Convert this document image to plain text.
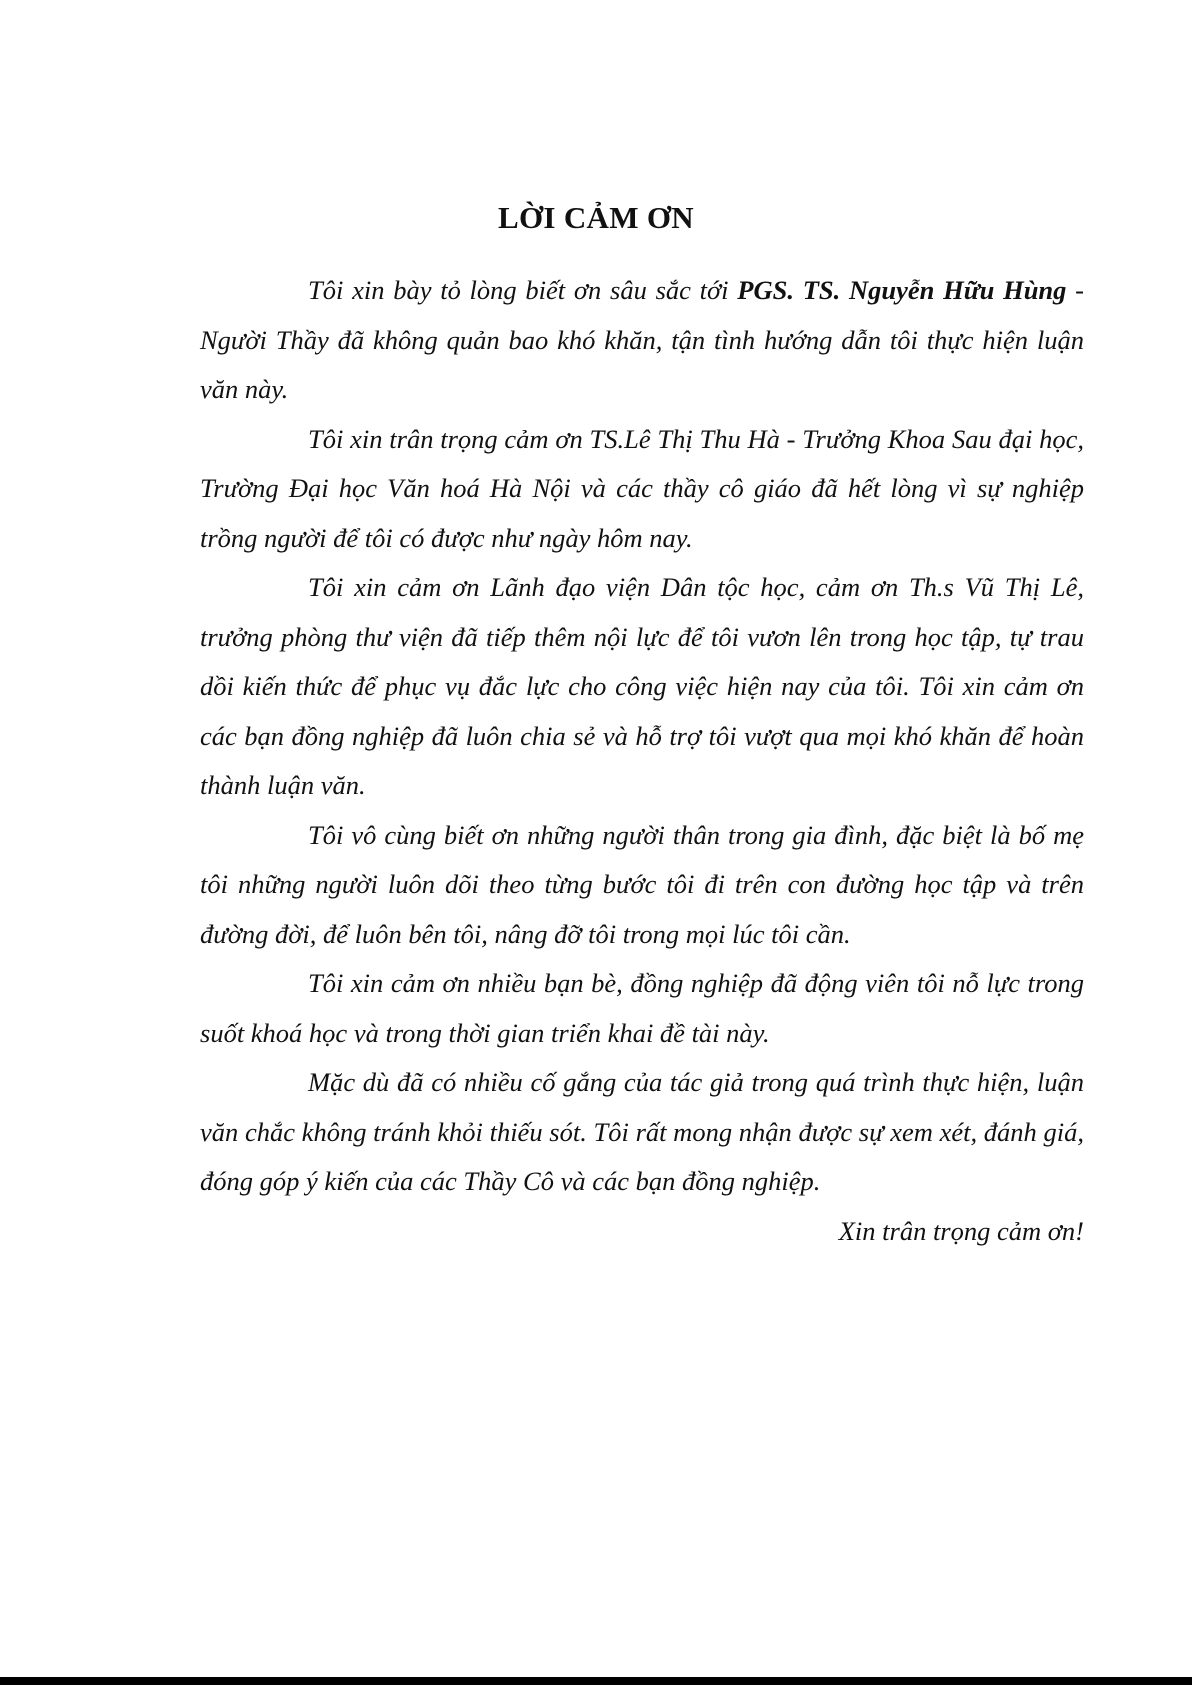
LỜI CẢM ƠN

Tôi xin bày tỏ lòng biết ơn sâu sắc tới PGS. TS. Nguyễn Hữu Hùng - Người Thầy đã không quản bao khó khăn, tận tình hướng dẫn tôi thực hiện luận văn này.

Tôi xin trân trọng cảm ơn TS.Lê Thị Thu Hà - Trưởng Khoa Sau đại học, Trường Đại học Văn hoá Hà Nội và các thầy cô giáo đã hết lòng vì sự nghiệp trồng người để tôi có được như ngày hôm nay.

Tôi xin cảm ơn Lãnh đạo viện Dân tộc học, cảm ơn Th.s Vũ Thị Lê, trưởng phòng thư viện đã tiếp thêm nội lực để tôi vươn lên trong học tập, tự trau dồi kiến thức để phục vụ đắc lực cho công việc hiện nay của tôi. Tôi xin cảm ơn các bạn đồng nghiệp đã luôn chia sẻ và hỗ trợ tôi vượt qua mọi khó khăn để hoàn thành luận văn.

Tôi vô cùng biết ơn những người thân trong gia đình, đặc biệt là bố mẹ tôi những người luôn dõi theo từng bước tôi đi trên con đường học tập và trên đường đời, để luôn bên tôi, nâng đỡ tôi trong mọi lúc tôi cần.

Tôi xin cảm ơn nhiều bạn bè, đồng nghiệp đã động viên tôi nỗ lực trong suốt khoá học và trong thời gian triển khai đề tài này.

Mặc dù đã có nhiều cố gắng của tác giả trong quá trình thực hiện, luận văn chắc không tránh khỏi thiếu sót. Tôi rất mong nhận được sự xem xét, đánh giá, đóng góp ý kiến của các Thầy Cô và các bạn đồng nghiệp.

Xin trân trọng cảm ơn!
